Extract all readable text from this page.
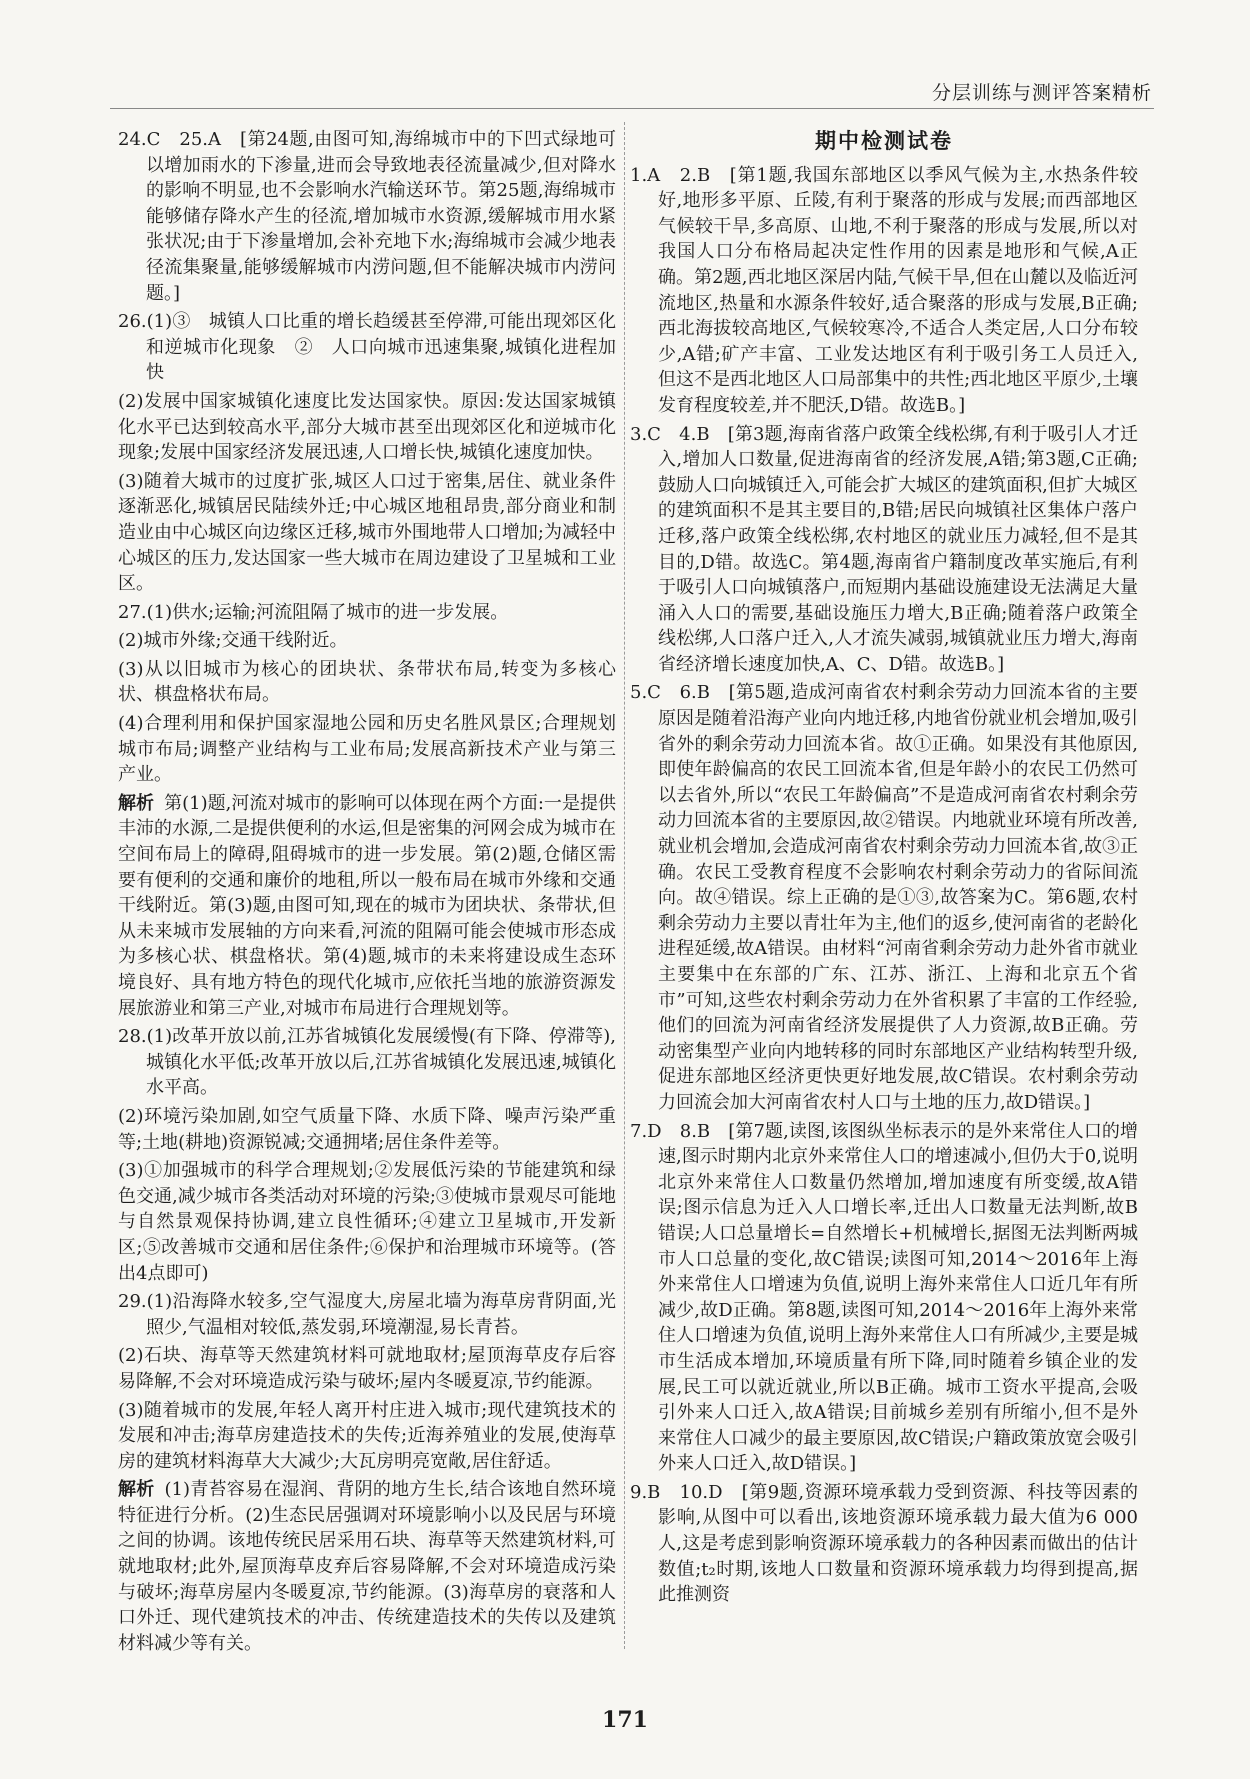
分层训练与测评答案精析
24.C　25.A　[第24题,由图可知,海绵城市中的下凹式绿地可以增加雨水的下渗量,进而会导致地表径流量减少,但对降水的影响不明显,也不会影响水汽输送环节。第25题,海绵城市能够储存降水产生的径流,增加城市水资源,缓解城市用水紧张状况;由于下渗量增加,会补充地下水;海绵城市会减少地表径流集聚量,能够缓解城市内涝问题,但不能解决城市内涝问题。]
26.(1)③　城镇人口比重的增长趋缓甚至停滞,可能出现郊区化和逆城市化现象　②　人口向城市迅速集聚,城镇化进程加快
(2)发展中国家城镇化速度比发达国家快。原因:发达国家城镇化水平已达到较高水平,部分大城市甚至出现郊区化和逆城市化现象;发展中国家经济发展迅速,人口增长快,城镇化速度加快。
(3)随着大城市的过度扩张,城区人口过于密集,居住、就业条件逐渐恶化,城镇居民陆续外迁;中心城区地租昂贵,部分商业和制造业由中心城区向边缘区迁移,城市外围地带人口增加;为减轻中心城区的压力,发达国家一些大城市在周边建设了卫星城和工业区。
27.(1)供水;运输;河流阻隔了城市的进一步发展。
(2)城市外缘;交通干线附近。
(3)从以旧城市为核心的团块状、条带状布局,转变为多核心状、棋盘格状布局。
(4)合理利用和保护国家湿地公园和历史名胜风景区;合理规划城市布局;调整产业结构与工业布局;发展高新技术产业与第三产业。
解析 第(1)题,河流对城市的影响可以体现在两个方面:一是提供丰沛的水源,二是提供便利的水运,但是密集的河网会成为城市在空间布局上的障碍,阻碍城市的进一步发展。第(2)题,仓储区需要有便利的交通和廉价的地租,所以一般布局在城市外缘和交通干线附近。第(3)题,由图可知,现在的城市为团块状、条带状,但从未来城市发展轴的方向来看,河流的阻隔可能会使城市形态成为多核心状、棋盘格状。第(4)题,城市的未来将建设成生态环境良好、具有地方特色的现代化城市,应依托当地的旅游资源发展旅游业和第三产业,对城市布局进行合理规划等。
28.(1)改革开放以前,江苏省城镇化发展缓慢(有下降、停滞等),城镇化水平低;改革开放以后,江苏省城镇化发展迅速,城镇化水平高。
(2)环境污染加剧,如空气质量下降、水质下降、噪声污染严重等;土地(耕地)资源锐减;交通拥堵;居住条件差等。
(3)①加强城市的科学合理规划;②发展低污染的节能建筑和绿色交通,减少城市各类活动对环境的污染;③使城市景观尽可能地与自然景观保持协调,建立良性循环;④建立卫星城市,开发新区;⑤改善城市交通和居住条件;⑥保护和治理城市环境等。(答出4点即可)
29.(1)沿海降水较多,空气湿度大,房屋北墙为海草房背阴面,光照少,气温相对较低,蒸发弱,环境潮湿,易长青苔。
(2)石块、海草等天然建筑材料可就地取材;屋顶海草皮存后容易降解,不会对环境造成污染与破坏;屋内冬暖夏凉,节约能源。
(3)随着城市的发展,年轻人离开村庄进入城市;现代建筑技术的发展和冲击;海草房建造技术的失传;近海养殖业的发展,使海草房的建筑材料海草大大减少;大瓦房明亮宽敞,居住舒适。
解析 (1)青苔容易在湿润、背阴的地方生长,结合该地自然环境特征进行分析。(2)生态民居强调对环境影响小以及民居与环境之间的协调。该地传统民居采用石块、海草等天然建筑材料,可就地取材;此外,屋顶海草皮弃后容易降解,不会对环境造成污染与破坏;海草房屋内冬暖夏凉,节约能源。(3)海草房的衰落和人口外迁、现代建筑技术的冲击、传统建造技术的失传以及建筑材料减少等有关。
期中检测试卷
1.A　2.B　[第1题,我国东部地区以季风气候为主,水热条件较好,地形多平原、丘陵,有利于聚落的形成与发展;而西部地区气候较干旱,多高原、山地,不利于聚落的形成与发展,所以对我国人口分布格局起决定性作用的因素是地形和气候,A正确。第2题,西北地区深居内陆,气候干旱,但在山麓以及临近河流地区,热量和水源条件较好,适合聚落的形成与发展,B正确;西北海拔较高地区,气候较寒冷,不适合人类定居,人口分布较少,A错;矿产丰富、工业发达地区有利于吸引务工人员迁入,但这不是西北地区人口局部集中的共性;西北地区平原少,土壤发育程度较差,并不肥沃,D错。故选B。]
3.C　4.B　[第3题,海南省落户政策全线松绑,有利于吸引人才迁入,增加人口数量,促进海南省的经济发展,A错;第3题,C正确;鼓励人口向城镇迁入,可能会扩大城区的建筑面积,但扩大城区的建筑面积不是其主要目的,B错;居民向城镇社区集体户落户迁移,落户政策全线松绑,农村地区的就业压力减轻,但不是其目的,D错。故选C。第4题,海南省户籍制度改革实施后,有利于吸引人口向城镇落户,而短期内基础设施建设无法满足大量涌入人口的需要,基础设施压力增大,B正确;随着落户政策全线松绑,人口落户迁入,人才流失减弱,城镇就业压力增大,海南省经济增长速度加快,A、C、D错。故选B。]
5.C　6.B　[第5题,造成河南省农村剩余劳动力回流本省的主要原因是随着沿海产业向内地迁移,内地省份就业机会增加,吸引省外的剩余劳动力回流本省。故①正确。如果没有其他原因,即使年龄偏高的农民工回流本省,但是年龄小的农民工仍然可以去省外,所以“农民工年龄偏高”不是造成河南省农村剩余劳动力回流本省的主要原因,故②错误。内地就业环境有所改善,就业机会增加,会造成河南省农村剩余劳动力回流本省,故③正确。农民工受教育程度不会影响农村剩余劳动力的省际间流向。故④错误。综上正确的是①③,故答案为C。第6题,农村剩余劳动力主要以青壮年为主,他们的返乡,使河南省的老龄化进程延缓,故A错误。由材料“河南省剩余劳动力赴外省市就业主要集中在东部的广东、江苏、浙江、上海和北京五个省市”可知,这些农村剩余劳动力在外省积累了丰富的工作经验,他们的回流为河南省经济发展提供了人力资源,故B正确。劳动密集型产业向内地转移的同时东部地区产业结构转型升级,促进东部地区经济更快更好地发展,故C错误。农村剩余劳动力回流会加大河南省农村人口与土地的压力,故D错误。]
7.D　8.B　[第7题,读图,该图纵坐标表示的是外来常住人口的增速,图示时期内北京外来常住人口的增速减小,但仍大于0,说明北京外来常住人口数量仍然增加,增加速度有所变缓,故A错误;图示信息为迁入人口增长率,迁出人口数量无法判断,故B错误;人口总量增长=自然增长+机械增长,据图无法判断两城市人口总量的变化,故C错误;读图可知,2014～2016年上海外来常住人口增速为负值,说明上海外来常住人口近几年有所减少,故D正确。第8题,读图可知,2014～2016年上海外来常住人口增速为负值,说明上海外来常住人口有所减少,主要是城市生活成本增加,环境质量有所下降,同时随着乡镇企业的发展,民工可以就近就业,所以B正确。城市工资水平提高,会吸引外来人口迁入,故A错误;目前城乡差别有所缩小,但不是外来常住人口减少的最主要原因,故C错误;户籍政策放宽会吸引外来人口迁入,故D错误。]
9.B　10.D　[第9题,资源环境承载力受到资源、科技等因素的影响,从图中可以看出,该地资源环境承载力最大值为6 000人,这是考虑到影响资源环境承载力的各种因素而做出的估计数值;t₂时期,该地人口数量和资源环境承载力均得到提高,据此推测资
171
